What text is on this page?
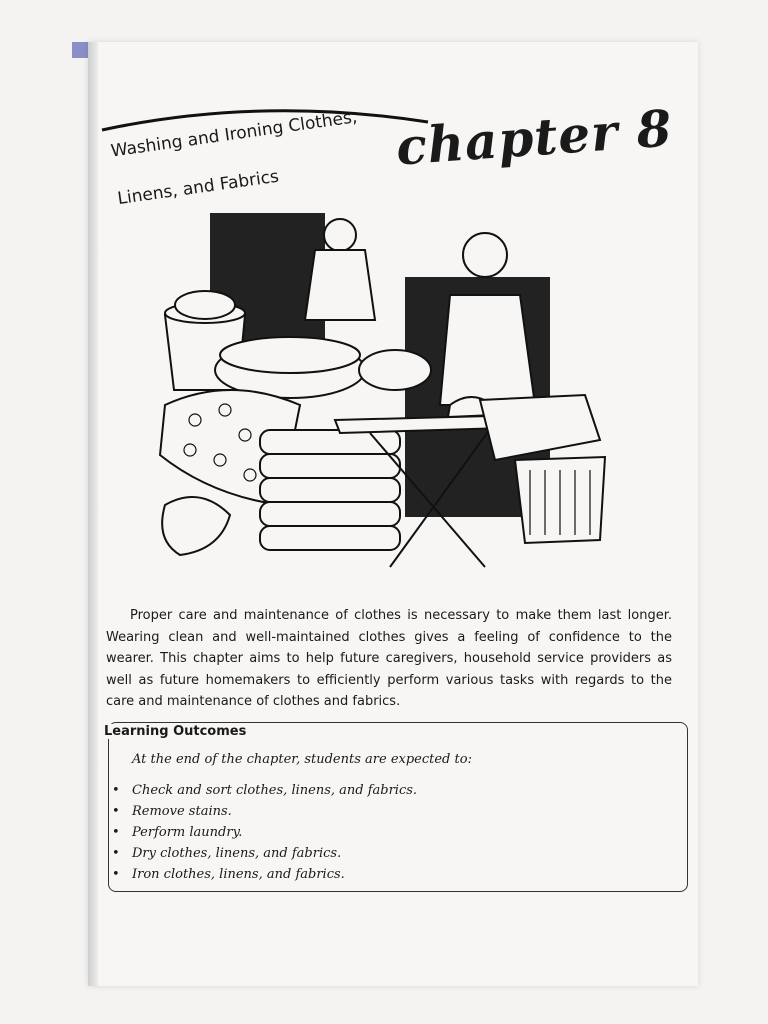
Washing and Ironing Clothes,

Linens, and Fabrics

chapter 8

Proper care and maintenance of clothes is necessary to make them last longer. Wearing clean and well-maintained clothes gives a feeling of confidence to the wearer. This chapter aims to help future caregivers, household service providers as well as future homemakers to efficiently perform various tasks with regards to the care and maintenance of clothes and fabrics.

Learning Outcomes
At the end of the chapter, students are expected to:
• Check and sort clothes, linens, and fabrics.
• Remove stains.
• Perform laundry.
• Dry clothes, linens, and fabrics.
• Iron clothes, linens, and fabrics.
